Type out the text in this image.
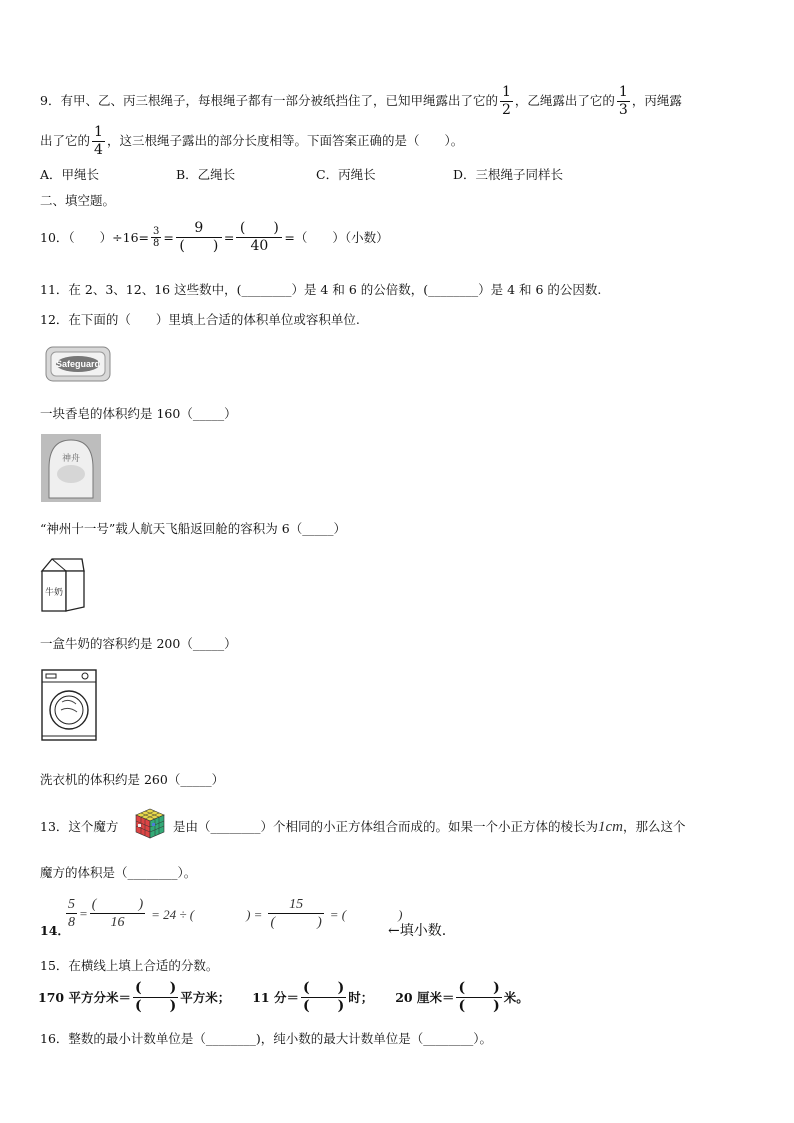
9．有甲、乙、丙三根绳子，每根绳子都有一部分被纸挡住了，已知甲绳露出了它的 $\frac{1}{2}$ ，乙绳露出了它的 $\frac{1}{3}$ ，丙绳露
出了它的 $\frac{1}{4}$ ，这三根绳子露出的部分长度相等。下面答案正确的是（　　）。
A．甲绳长	B．乙绳长	C．丙绳长	D．三根绳子同样长
二、填空题。
10．（　　）$\div 16= \frac{3}{8} = \frac{9}{( )} = \frac{( )}{40}$ =（　　）（小数）
11．在 2、3、12、16 这些数中，(________）是 4 和 6 的公倍数，(________）是 4 和 6 的公因数.
12．在下面的（　　）里填上合适的体积单位或容积单位.
Safeguard
一块香皂的体积约是 160（_____）
神舟
“神州十一号”载人航天飞船返回舱的容积为 6（_____）
牛奶
一盒牛奶的容积约是 200（_____）
洗衣机的体积约是 260（_____）
13．这个魔方	是由（________）个相同的小正方体组合而成的。如果一个小正方体的棱长为1cm，那么这个
魔方的体积是（________）。
14．
$\frac{5}{8} = \frac{( )}{16} = 24$ ÷ (　　　　) = $\frac{15}{( )}$ = (　　　　)
←填小数.
15．在横线上填上合适的分数。
170 平方分米＝ $\frac{( )}{( )}$ 平方米； 11 分＝ $\frac{( )}{( )}$ 时； 20 厘米＝ $\frac{( )}{( )}$ 米。
16．整数的最小计数单位是（________)，纯小数的最大计数单位是（________）。
